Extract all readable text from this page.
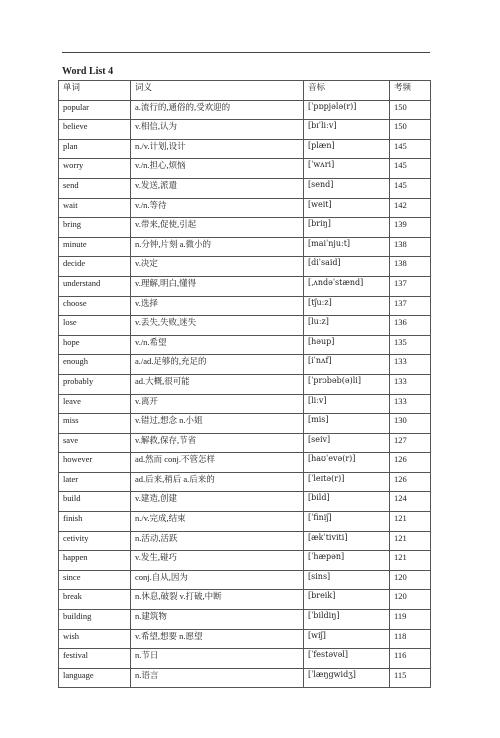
Word List 4
单词	词义	音标	考频
popular	a.流行的,通俗的,受欢迎的	[ˈpɒpjələ(r)]	150
believe	v.相信,认为	[bɪˈliːv]	150
plan	n./v.计划,设计	[plæn]	145
worry	v./n.担心,烦恼	[ˈwʌri]	145
send	v.发送,派遣	[send]	145
wait	v./n.等待	[weit]	142
bring	v.带来,促使,引起	[briŋ]	139
minute	n.分钟,片刻 a.微小的	[maiˈnjuːt]	138
decide	v.决定	[diˈsaid]	138
understand	v.理解,明白,懂得	[ˌʌndəˈstænd]	137
choose	v.选择	[tʃuːz]	137
lose	v.丢失,失败,迷失	[luːz]	136
hope	v./n.希望	[həup]	135
enough	a./ad.足够的,充足的	[iˈnʌf]	133
probably	ad.大概,很可能	[ˈprɔbəb(ə)li]	133
leave	v.离开	[liːv]	133
miss	v.错过,想念 n.小姐	[mis]	130
save	v.解救,保存,节省	[seiv]	127
however	ad.然而 conj.不管怎样	[haʊˈevə(r)]	126
later	ad.后来,稍后 a.后来的	[ˈleɪtə(r)]	126
build	v.建造,创建	[bild]	124
finish	n./v.完成,结束	[ˈfiniʃ]	121
cetivity	n.活动,活跃	[ækˈtiviti]	121
happen	v.发生,碰巧	[ˈhæpən]	121
since	conj.自从,因为	[sins]	120
break	n.休息,破裂 v.打破,中断	[breik]	120
building	n.建筑物	[ˈbildiŋ]	119
wish	v.希望,想要 n.愿望	[wiʃ]	118
festival	n.节日	[ˈfestəvəl]	116
language	n.语言	[ˈlæŋgwidʒ]	115
